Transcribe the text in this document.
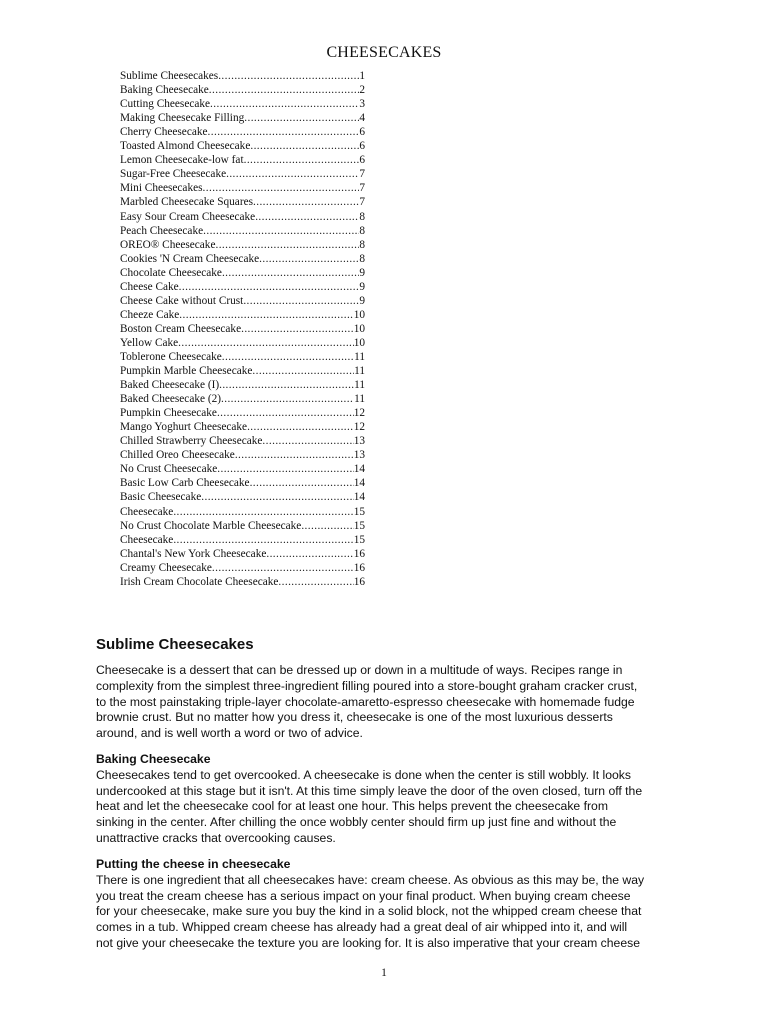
CHEESECAKES
Sublime Cheesecakes .....	1
Baking Cheesecake .....	2
Cutting Cheesecake .....	3
Making Cheesecake Filling .....	4
Cherry Cheesecake .....	6
Toasted Almond Cheesecake .....	6
Lemon Cheesecake-low fat .....	6
Sugar-Free Cheesecake .....	7
Mini Cheesecakes .....	7
Marbled Cheesecake Squares .....	7
Easy Sour Cream Cheesecake .....	8
Peach Cheesecake .....	8
OREO® Cheesecake .....	8
Cookies 'N Cream Cheesecake .....	8
Chocolate Cheesecake .....	9
Cheese Cake .....	9
Cheese Cake without Crust .....	9
Cheeze Cake .....	10
Boston Cream Cheesecake .....	10
Yellow Cake .....	10
Toblerone Cheesecake .....	11
Pumpkin Marble Cheesecake .....	11
Baked Cheesecake (I) .....	11
Baked Cheesecake (2) .....	11
Pumpkin Cheesecake .....	12
Mango Yoghurt Cheesecake .....	12
Chilled Strawberry Cheesecake .....	13
Chilled Oreo Cheesecake .....	13
No Crust Cheesecake .....	14
Basic Low Carb Cheesecake .....	14
Basic Cheesecake .....	14
Cheesecake .....	15
No Crust Chocolate Marble Cheesecake .....	15
Cheesecake .....	15
Chantal's New York Cheesecake .....	16
Creamy Cheesecake .....	16
Irish Cream Chocolate Cheesecake .....	16
Sublime Cheesecakes
Cheesecake is a dessert that can be dressed up or down in a multitude of ways. Recipes range in
complexity from the simplest three-ingredient filling poured into a store-bought graham cracker crust,
to the most painstaking triple-layer chocolate-amaretto-espresso cheesecake with homemade fudge
brownie crust. But no matter how you dress it, cheesecake is one of the most luxurious desserts
around, and is well worth a word or two of advice.
Baking Cheesecake
Cheesecakes tend to get overcooked. A cheesecake is done when the center is still wobbly. It looks
undercooked at this stage but it isn't. At this time simply leave the door of the oven closed, turn off the
heat and let the cheesecake cool for at least one hour. This helps prevent the cheesecake from
sinking in the center. After chilling the once wobbly center should firm up just fine and without the
unattractive cracks that overcooking causes.
Putting the cheese in cheesecake
There is one ingredient that all cheesecakes have: cream cheese. As obvious as this may be, the way
you treat the cream cheese has a serious impact on your final product. When buying cream cheese
for your cheesecake, make sure you buy the kind in a solid block, not the whipped cream cheese that
comes in a tub. Whipped cream cheese has already had a great deal of air whipped into it, and will
not give your cheesecake the texture you are looking for. It is also imperative that your cream cheese
1
